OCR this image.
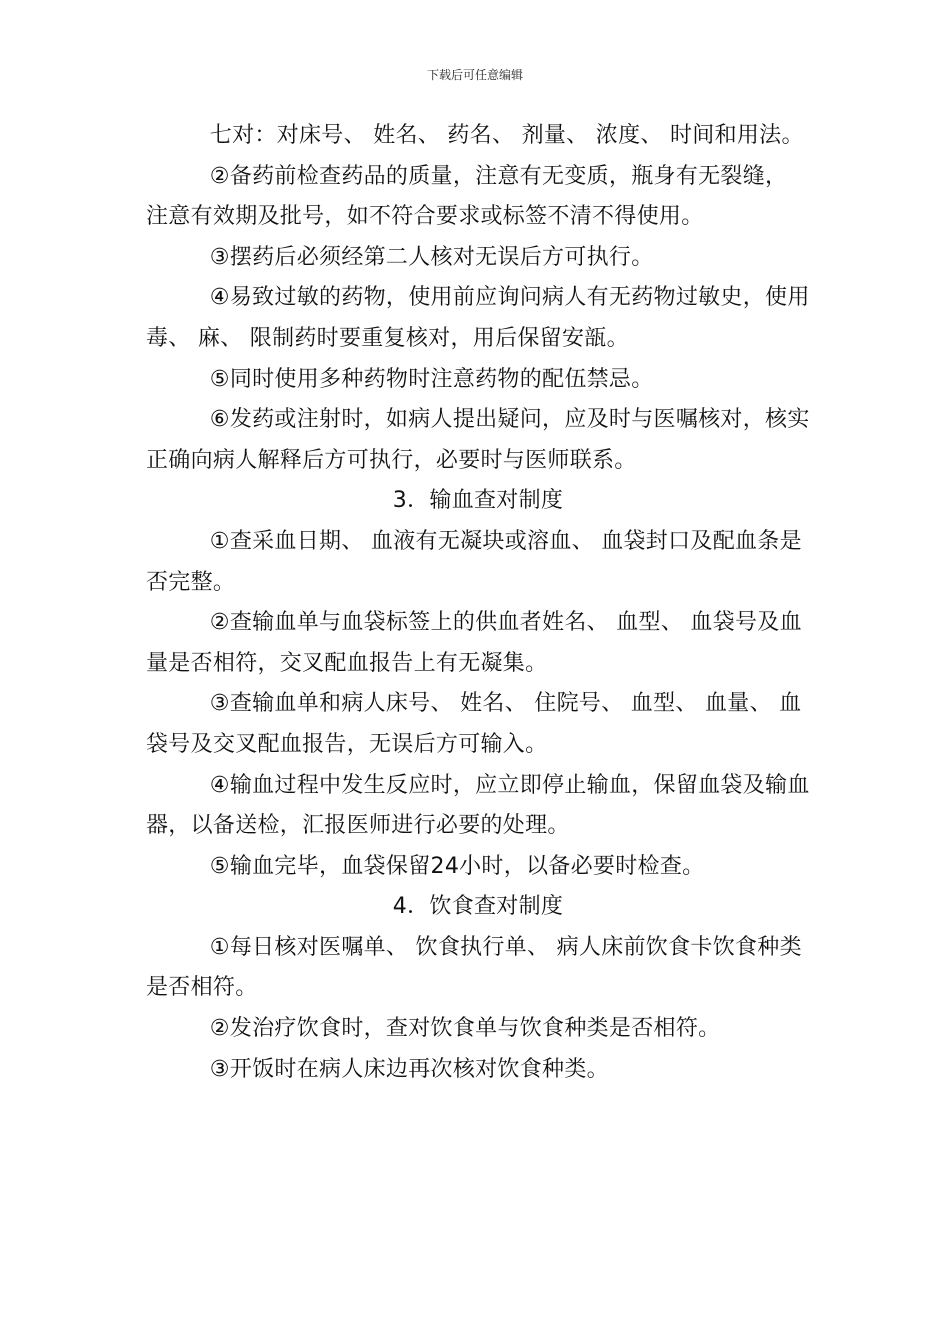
下载后可任意编辑

七对：对床号、 姓名、 药名、 剂量、 浓度、 时间和用法。

②备药前检查药品的质量，注意有无变质，瓶身有无裂缝， 注意有效期及批号，如不符合要求或标签不清不得使用。

③摆药后必须经第二人核对无误后方可执行。

④易致过敏的药物，使用前应询问病人有无药物过敏史，使用毒、 麻、 限制药时要重复核对，用后保留安瓿。

⑤同时使用多种药物时注意药物的配伍禁忌。

⑥发药或注射时，如病人提出疑问，应及时与医嘱核对，核实正确向病人解释后方可执行，必要时与医师联系。

3．输血查对制度

①查采血日期、 血液有无凝块或溶血、 血袋封口及配血条是否完整。

②查输血单与血袋标签上的供血者姓名、 血型、 血袋号及血量是否相符，交叉配血报告上有无凝集。

③查输血单和病人床号、 姓名、 住院号、 血型、 血量、 血袋号及交叉配血报告，无误后方可输入。

④输血过程中发生反应时，应立即停止输血，保留血袋及输血器，以备送检，汇报医师进行必要的处理。

⑤输血完毕，血袋保留24小时，以备必要时检查。

4．饮食查对制度

①每日核对医嘱单、 饮食执行单、 病人床前饮食卡饮食种类是否相符。

②发治疗饮食时，查对饮食单与饮食种类是否相符。

③开饭时在病人床边再次核对饮食种类。
